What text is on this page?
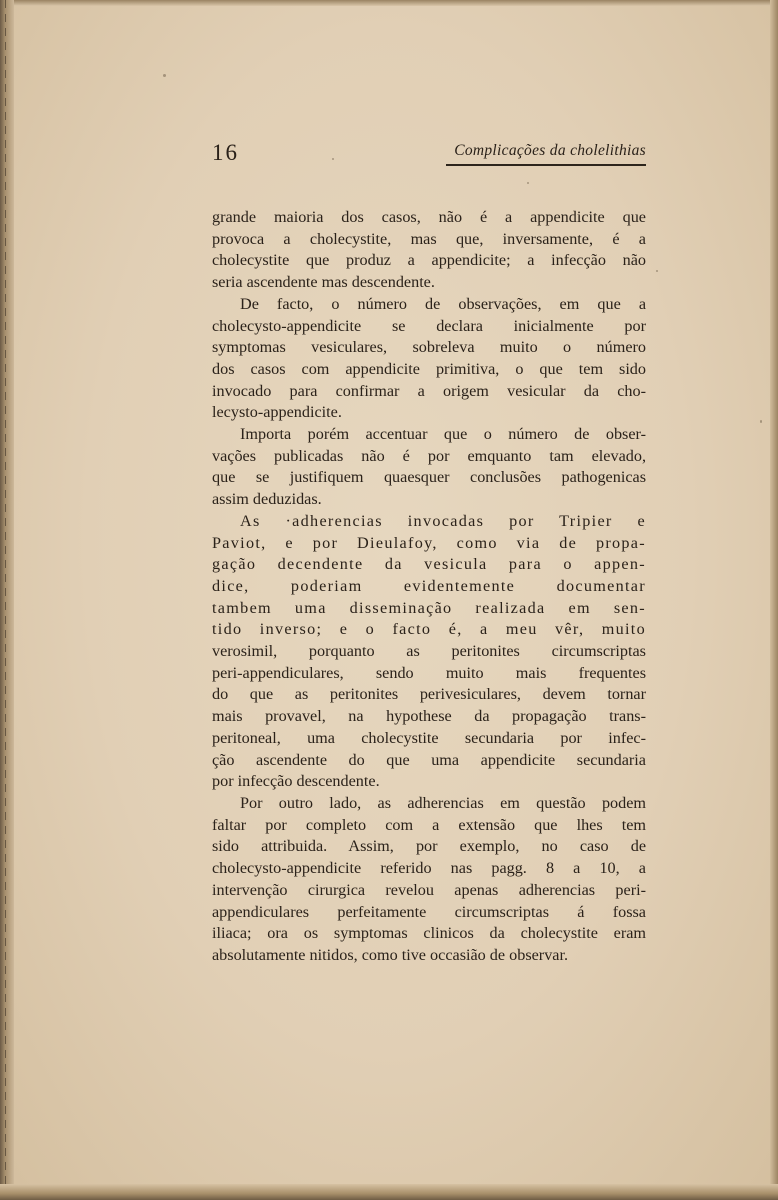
16	Complicações da cholelithias

grande maioria dos casos, não é a appendicite que
provoca a cholecystite, mas que, inversamente, é a
cholecystite que produz a appendicite; a infecção não
seria ascendente mas descendente.

De facto, o número de observações, em que a
cholecysto-appendicite se declara inicialmente por
symptomas vesiculares, sobreleva muito o número
dos casos com appendicite primitiva, o que tem sido
invocado para confirmar a origem vesicular da cho-
lecysto-appendicite.

Importa porém accentuar que o número de obser-
vações publicadas não é por emquanto tam elevado,
que se justifiquem quaesquer conclusões pathogenicas
assim deduzidas.

As ·adherencias invocadas por Tripier e
Paviot, e por Dieulafoy, como via de propa-
gação decendente da vesicula para o appen-
dice, poderiam evidentemente documentar
tambem uma disseminação realizada em sen-
tido inverso; e o facto é, a meu vêr, muito
verosimil, porquanto as peritonites circumscriptas
peri-appendiculares, sendo muito mais frequentes
do que as peritonites perivesiculares, devem tornar
mais provavel, na hypothese da propagação trans-
peritoneal, uma cholecystite secundaria por infec-
ção ascendente do que uma appendicite secundaria
por infecção descendente.

Por outro lado, as adherencias em questão podem
faltar por completo com a extensão que lhes tem
sido attribuida. Assim, por exemplo, no caso de
cholecysto-appendicite referido nas pagg. 8 a 10, a
intervenção cirurgica revelou apenas adherencias peri-
appendiculares perfeitamente circumscriptas á fossa
iliaca; ora os symptomas clinicos da cholecystite eram
absolutamente nitidos, como tive occasião de observar.
